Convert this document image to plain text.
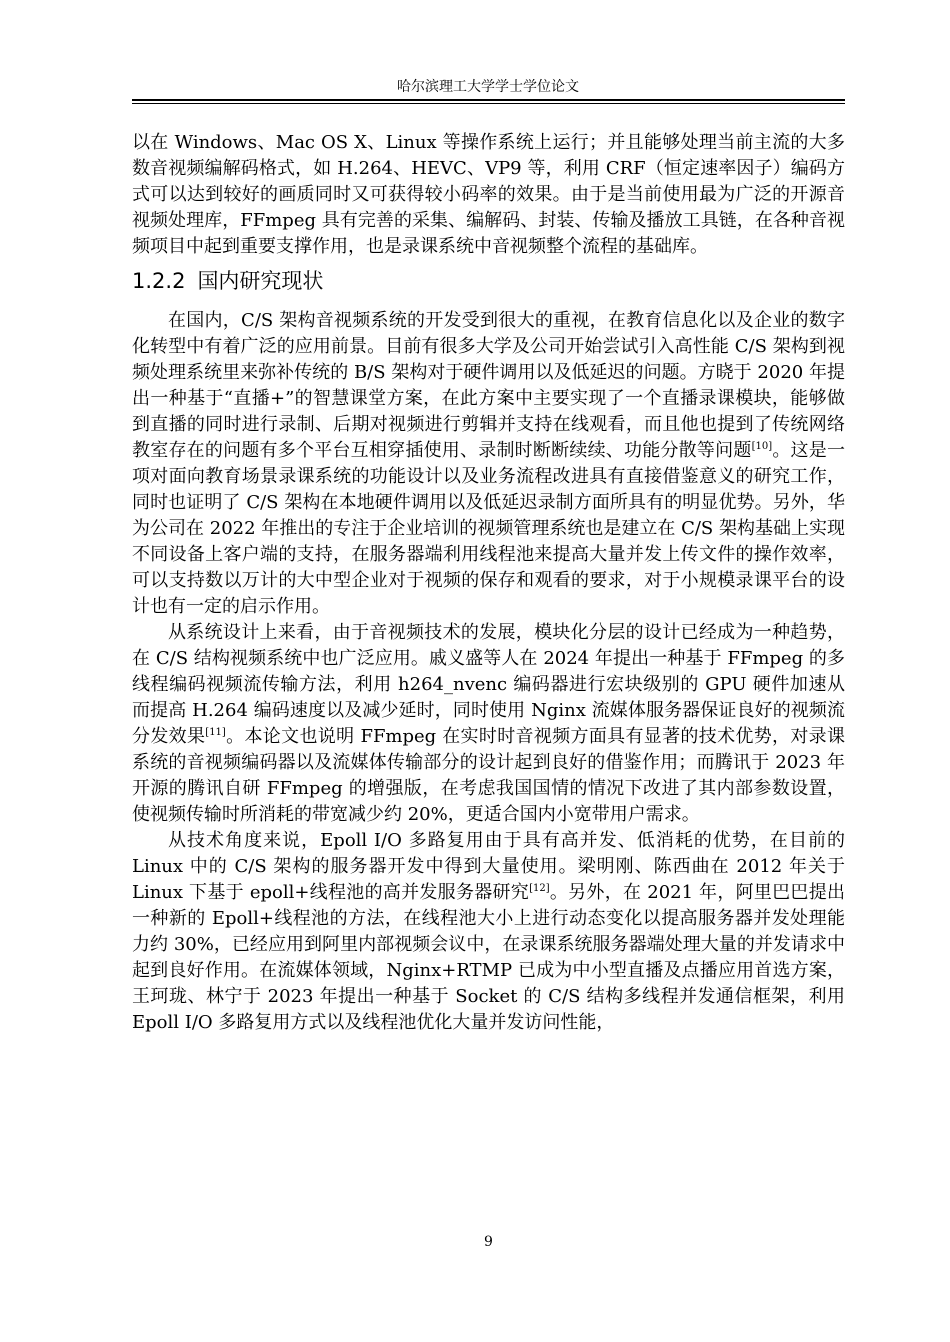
哈尔滨理工大学学士学位论文

以在 Windows、Mac OS X、Linux 等操作系统上运行；并且能够处理当前主流的大多数音视频编解码格式，如 H.264、HEVC、VP9 等，利用 CRF（恒定速率因子）编码方式可以达到较好的画质同时又可获得较小码率的效果。由于是当前使用最为广泛的开源音视频处理库，FFmpeg 具有完善的采集、编解码、封装、传输及播放工具链，在各种音视频项目中起到重要支撑作用，也是录课系统中音视频整个流程的基础库。

1.2.2 国内研究现状

在国内，C/S 架构音视频系统的开发受到很大的重视，在教育信息化以及企业的数字化转型中有着广泛的应用前景。目前有很多大学及公司开始尝试引入高性能 C/S 架构到视频处理系统里来弥补传统的 B/S 架构对于硬件调用以及低延迟的问题。方晓于 2020 年提出一种基于“直播+”的智慧课堂方案，在此方案中主要实现了一个直播录课模块，能够做到直播的同时进行录制、后期对视频进行剪辑并支持在线观看，而且他也提到了传统网络教室存在的问题有多个平台互相穿插使用、录制时断断续续、功能分散等问题[10]。这是一项对面向教育场景录课系统的功能设计以及业务流程改进具有直接借鉴意义的研究工作，同时也证明了 C/S 架构在本地硬件调用以及低延迟录制方面所具有的明显优势。另外，华为公司在 2022 年推出的专注于企业培训的视频管理系统也是建立在 C/S 架构基础上实现不同设备上客户端的支持，在服务器端利用线程池来提高大量并发上传文件的操作效率，可以支持数以万计的大中型企业对于视频的保存和观看的要求，对于小规模录课平台的设计也有一定的启示作用。

从系统设计上来看，由于音视频技术的发展，模块化分层的设计已经成为一种趋势，在 C/S 结构视频系统中也广泛应用。戚义盛等人在 2024 年提出一种基于 FFmpeg 的多线程编码视频流传输方法，利用 h264_nvenc 编码器进行宏块级别的 GPU 硬件加速从而提高 H.264 编码速度以及减少延时，同时使用 Nginx 流媒体服务器保证良好的视频流分发效果[11]。本论文也说明 FFmpeg 在实时时音视频方面具有显著的技术优势，对录课系统的音视频编码器以及流媒体传输部分的设计起到良好的借鉴作用；而腾讯于 2023 年开源的腾讯自研 FFmpeg 的增强版，在考虑我国国情的情况下改进了其内部参数设置，使视频传输时所消耗的带宽减少约 20%，更适合国内小宽带用户需求。

从技术角度来说，Epoll I/O 多路复用由于具有高并发、低消耗的优势，在目前的 Linux 中的 C/S 架构的服务器开发中得到大量使用。梁明刚、陈西曲在 2012 年关于 Linux 下基于 epoll+线程池的高并发服务器研究[12]。另外，在 2021 年，阿里巴巴提出一种新的 Epoll+线程池的方法，在线程池大小上进行动态变化以提高服务器并发处理能力约 30%，已经应用到阿里内部视频会议中，在录课系统服务器端处理大量的并发请求中起到良好作用。在流媒体领域，Nginx+RTMP 已成为中小型直播及点播应用首选方案，王珂珑、林宁于 2023 年提出一种基于 Socket 的 C/S 结构多线程并发通信框架，利用 Epoll I/O 多路复用方式以及线程池优化大量并发访问性能，

9
